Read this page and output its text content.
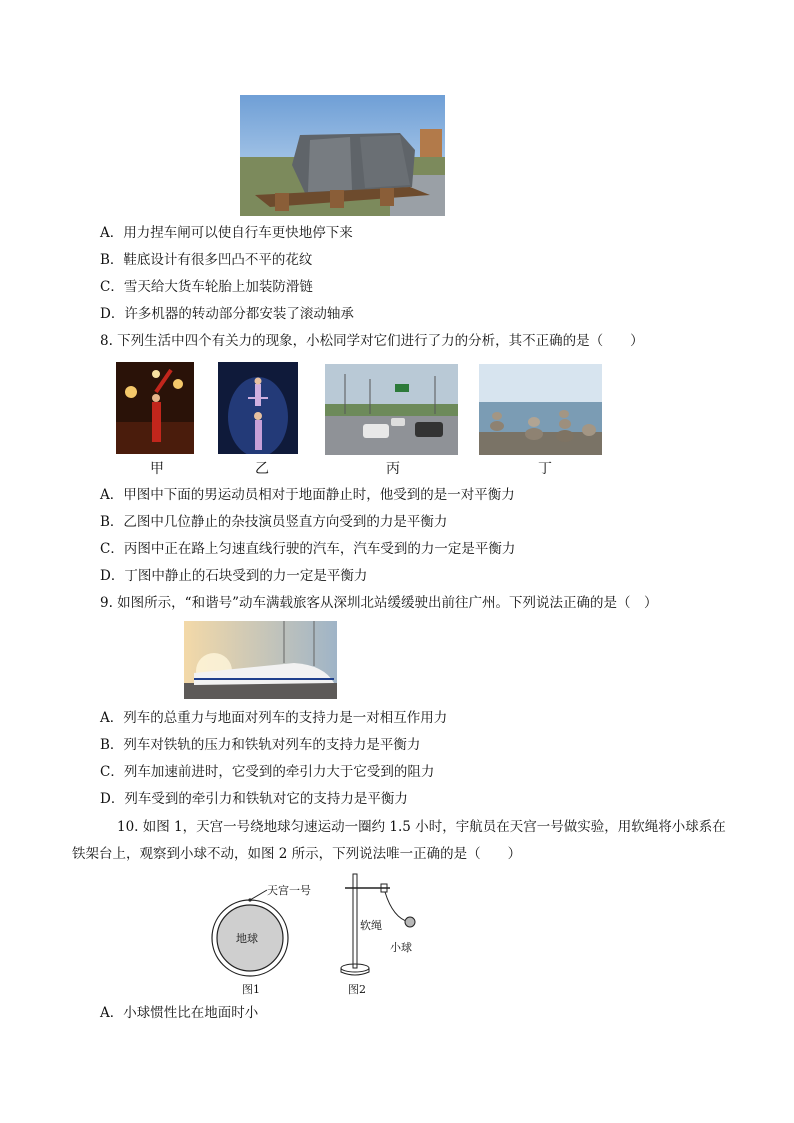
A．用力捏车闸可以使自行车更快地停下来
B．鞋底设计有很多凹凸不平的花纹
C．雪天给大货车轮胎上加装防滑链
D．许多机器的转动部分都安装了滚动轴承
8. 下列生活中四个有关力的现象，小松同学对它们进行了力的分析，其不正确的是（　　）
甲	乙	丙	丁
A．甲图中下面的男运动员相对于地面静止时，他受到的是一对平衡力
B．乙图中几位静止的杂技演员竖直方向受到的力是平衡力
C．丙图中正在路上匀速直线行驶的汽车，汽车受到的力一定是平衡力
D．丁图中静止的石块受到的力一定是平衡力
9. 如图所示，“和谐号”动车满载旅客从深圳北站缓缓驶出前往广州。下列说法正确的是（　）
A．列车的总重力与地面对列车的支持力是一对相互作用力
B．列车对铁轨的压力和铁轨对列车的支持力是平衡力
C．列车加速前进时，它受到的牵引力大于它受到的阻力
D．列车受到的牵引力和铁轨对它的支持力是平衡力
10. 如图 1，天宫一号绕地球匀速运动一圈约 1.5 小时，宇航员在天宫一号做实验，用软绳将小球系在
铁架台上，观察到小球不动，如图 2 所示，下列说法唯一正确的是（　　）
天宫一号
地球
图1
软绳
小球
图2
A．小球惯性比在地面时小
